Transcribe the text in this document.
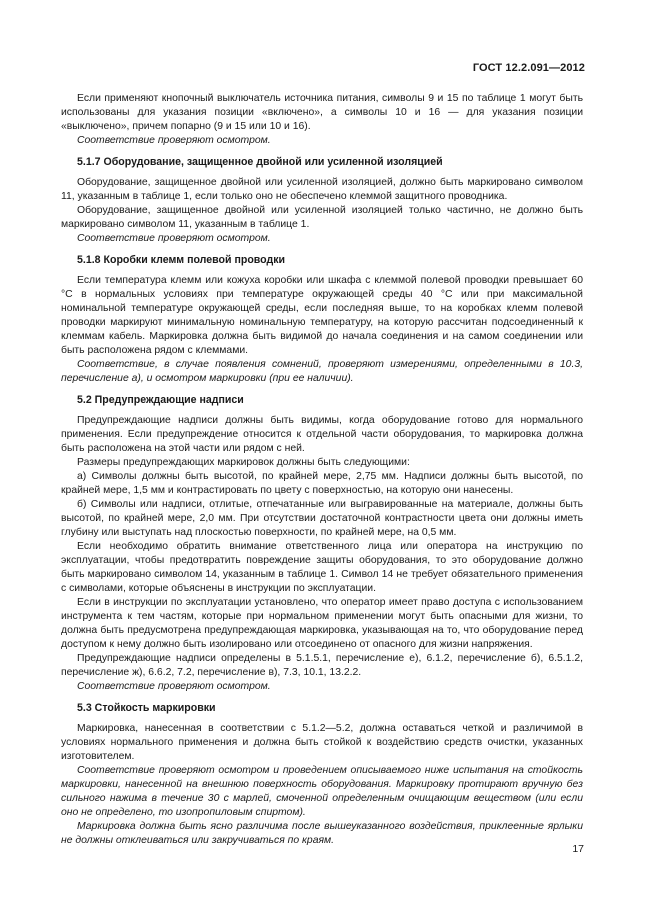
ГОСТ 12.2.091—2012

Если применяют кнопочный выключатель источника питания, символы 9 и 15 по таблице 1 могут быть использованы для указания позиции «включено», а символы 10 и 16 — для указания позиции «выключено», причем попарно (9 и 15 или 10 и 16).

Соответствие проверяют осмотром.

5.1.7 Оборудование, защищенное двойной или усиленной изоляцией

Оборудование, защищенное двойной или усиленной изоляцией, должно быть маркировано символом 11, указанным в таблице 1, если только оно не обеспечено клеммой защитного проводника.

Оборудование, защищенное двойной или усиленной изоляцией только частично, не должно быть маркировано символом 11, указанным в таблице 1.

Соответствие проверяют осмотром.

5.1.8 Коробки клемм полевой проводки

Если температура клемм или кожуха коробки или шкафа с клеммой полевой проводки превышает 60 °C в нормальных условиях при температуре окружающей среды 40 °C или при максимальной номинальной температуре окружающей среды, если последняя выше, то на коробках клемм полевой проводки маркируют минимальную номинальную температуру, на которую рассчитан подсоединенный к клеммам кабель. Маркировка должна быть видимой до начала соединения и на самом соединении или быть расположена рядом с клеммами.

Соответствие, в случае появления сомнений, проверяют измерениями, определенными в 10.3, перечисление а), и осмотром маркировки (при ее наличии).

5.2 Предупреждающие надписи

Предупреждающие надписи должны быть видимы, когда оборудование готово для нормального применения. Если предупреждение относится к отдельной части оборудования, то маркировка должна быть расположена на этой части или рядом с ней.

Размеры предупреждающих маркировок должны быть следующими:

а) Символы должны быть высотой, по крайней мере, 2,75 мм. Надписи должны быть высотой, по крайней мере, 1,5 мм и контрастировать по цвету с поверхностью, на которую они нанесены.

б) Символы или надписи, отлитые, отпечатанные или выгравированные на материале, должны быть высотой, по крайней мере, 2,0 мм. При отсутствии достаточной контрастности цвета они должны иметь глубину или выступать над плоскостью поверхности, по крайней мере, на 0,5 мм.

Если необходимо обратить внимание ответственного лица или оператора на инструкцию по эксплуатации, чтобы предотвратить повреждение защиты оборудования, то это оборудование должно быть маркировано символом 14, указанным в таблице 1. Символ 14 не требует обязательного применения с символами, которые объяснены в инструкции по эксплуатации.

Если в инструкции по эксплуатации установлено, что оператор имеет право доступа с использованием инструмента к тем частям, которые при нормальном применении могут быть опасными для жизни, то должна быть предусмотрена предупреждающая маркировка, указывающая на то, что оборудование перед доступом к нему должно быть изолировано или отсоединено от опасного для жизни напряжения.

Предупреждающие надписи определены в 5.1.5.1, перечисление е), 6.1.2, перечисление б), 6.5.1.2, перечисление ж), 6.6.2, 7.2, перечисление в), 7.3, 10.1, 13.2.2.

Соответствие проверяют осмотром.

5.3 Стойкость маркировки

Маркировка, нанесенная в соответствии с 5.1.2—5.2, должна оставаться четкой и различимой в условиях нормального применения и должна быть стойкой к воздействию средств очистки, указанных изготовителем.

Соответствие проверяют осмотром и проведением описываемого ниже испытания на стойкость маркировки, нанесенной на внешнюю поверхность оборудования. Маркировку протирают вручную без сильного нажима в течение 30 с марлей, смоченной определенным очищающим веществом (или если оно не определено, то изопропиловым спиртом).

Маркировка должна быть ясно различима после вышеуказанного воздействия, приклеенные ярлыки не должны отклеиваться или закручиваться по краям.

17
